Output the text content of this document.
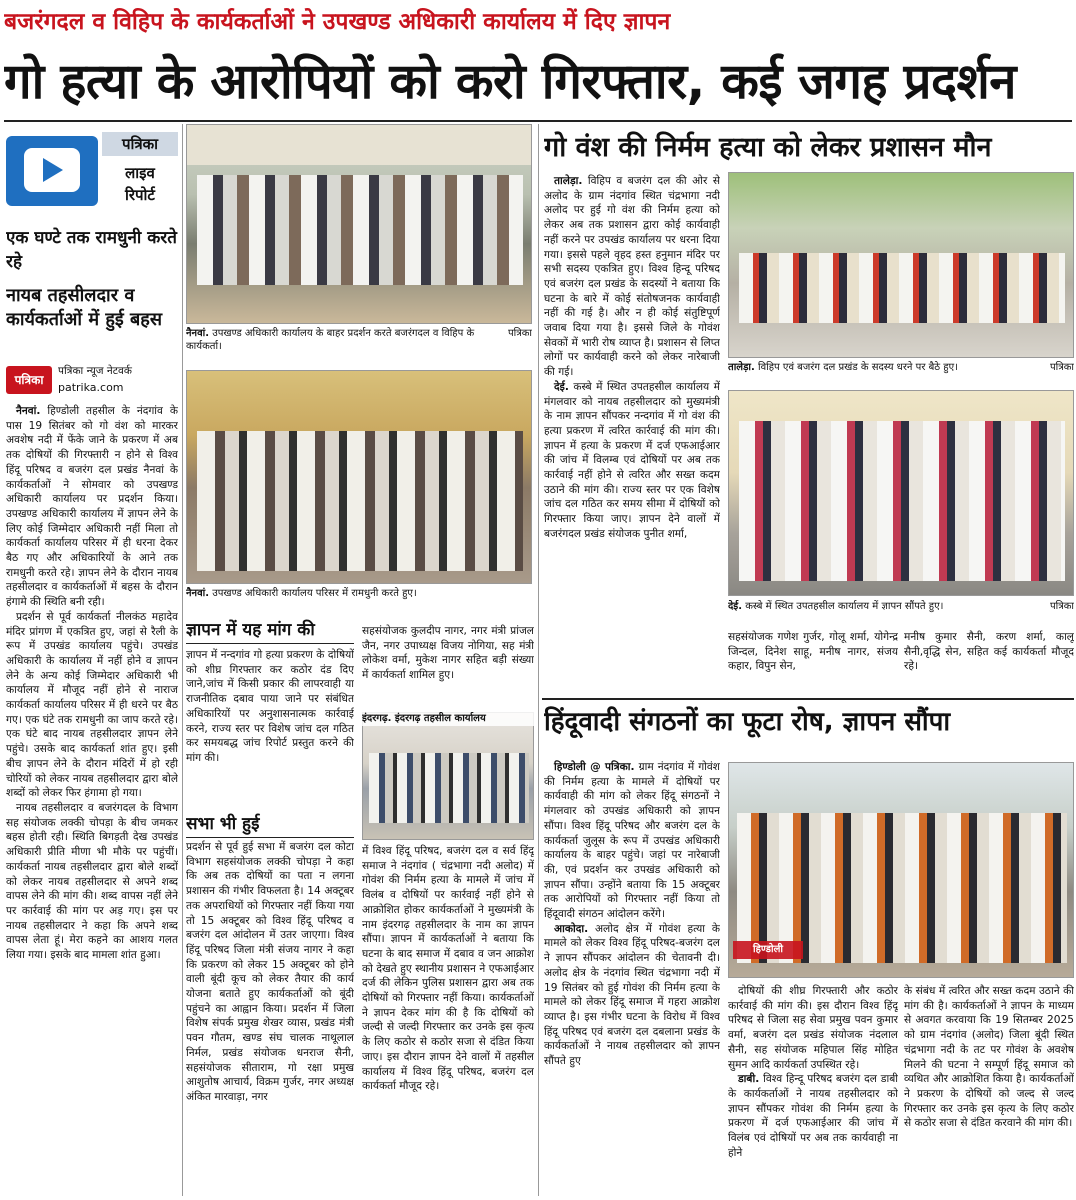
बजरंगदल व विहिप के कार्यकर्ताओं ने उपखण्ड अधिकारी कार्यालय में दिए ज्ञापन
गो हत्या के आरोपियों को करो गिरफ्तार, कई जगह प्रदर्शन
पत्रिका
लाइव
रिपोर्ट
एक घण्टे तक रामधुनी करते रहे
नायब तहसीलदार व कार्यकर्ताओं में हुई बहस
पत्रिका
पत्रिका न्यूज नेटवर्क
patrika.com

नैनवां. हिण्डोली तहसील के नंदगांव के पास 19 सितंबर को गो वंश को मारकर अवशेष नदी में फेंके जाने के प्रकरण में अब तक दोषियों की गिरफ्तारी न होने से विश्व हिंदू परिषद व बजरंग दल प्रखंड नैनवां के कार्यकर्ताओं ने सोमवार को उपखण्ड अधिकारी कार्यालय पर प्रदर्शन किया। उपखण्ड अधिकारी कार्यालय में ज्ञापन लेने के लिए कोई जिम्मेदार अधिकारी नहीं मिला तो कार्यकर्ता कार्यालय परिसर में ही धरना देकर बैठ गए और अधिकारियों के आने तक रामधुनी करते रहे। ज्ञापन लेने के दौरान नायब तहसीलदार व कार्यकर्ताओं में बहस के दौरान हंगामे की स्थिति बनी रही।

प्रदर्शन से पूर्व कार्यकर्ता नीलकंठ महादेव मंदिर प्रांगण में एकत्रित हुए, जहां से रैली के रूप में उपखंड कार्यालय पहुंचे। उपखंड अधिकारी के कार्यालय में नहीं होने व ज्ञापन लेने के अन्य कोई जिम्मेदार अधिकारी भी कार्यालय में मौजूद नहीं होने से नाराज कार्यकर्ता कार्यालय परिसर में ही धरने पर बैठ गए। एक घंटे तक रामधुनी का जाप करते रहे। एक घंटे बाद नायब तहसीलदार ज्ञापन लेने पहुंचे। उसके बाद कार्यकर्ता शांत हुए। इसी बीच ज्ञापन लेने के दौरान मंदिरों में हो रही चोरियों को लेकर नायब तहसीलदार द्वारा बोले शब्दों को लेकर फिर हंगामा हो गया।

नायब तहसीलदार व बजरंगदल के विभाग सह संयोजक लक्की चोपड़ा के बीच जमकर बहस होती रही। स्थिति बिगड़ती देख उपखंड अधिकारी प्रीति मीणा भी मौके पर पहुंचीं। कार्यकर्ता नायब तहसीलदार द्वारा बोले शब्दों को लेकर नायब तहसीलदार से अपने शब्द वापस लेने की मांग की। शब्द वापस नहीं लेने पर कार्रवाई की मांग पर अड़ गए। इस पर नायब तहसीलदार ने कहा कि अपने शब्द वापस लेता हूं। मेरा कहने का आशय गलत लिया गया। इसके बाद मामला शांत हुआ।

पत्रिका
नैनवां. उपखण्ड अधिकारी कार्यालय के बाहर प्रदर्शन करते बजरंगदल व विहिप के कार्यकर्ता।
नैनवां. उपखण्ड अधिकारी कार्यालय परिसर में रामधुनी करते हुए।
ज्ञापन में यह मांग की
ज्ञापन में नन्दगांव गो हत्या प्रकरण के दोषियों को शीघ्र गिरफ्तार कर कठोर दंड दिए जाने,जांच में किसी प्रकार की लापरवाही या राजनीतिक दबाव पाया जाने पर संबंधित अधिकारियों पर अनुशासनात्मक कार्रवाई करने, राज्य स्तर पर विशेष जांच दल गठित कर समयबद्ध जांच रिपोर्ट प्रस्तुत करने की मांग की।
सभा भी हुई
प्रदर्शन से पूर्व हुई सभा में बजरंग दल कोटा विभाग सहसंयोजक लक्की चोपड़ा ने कहा कि अब तक दोषियों का पता न लगना प्रशासन की गंभीर विफलता है। 14 अक्टूबर तक अपराधियों को गिरफ्तार नहीं किया गया तो 15 अक्टूबर को विश्व हिंदू परिषद व बजरंग दल आंदोलन में उतर जाएगा। विश्व हिंदू परिषद जिला मंत्री संजय नागर ने कहा कि प्रकरण को लेकर 15 अक्टूबर को होने वाली बूंदी कूच को लेकर तैयार की कार्य योजना बताते हुए कार्यकर्ताओं को बूंदी पहुंचने का आह्वान किया। प्रदर्शन में जिला विशेष संपर्क प्रमुख शेखर व्यास, प्रखंड मंत्री पवन गौतम, खण्ड संघ चालक नाथूलाल निर्मल, प्रखंड संयोजक धनराज सैनी, सहसंयोजक सीताराम, गो रक्षा प्रमुख आशुतोष आचार्य, विक्रम गुर्जर, नगर अध्यक्ष अंकित मारवाड़ा, नगर
सहसंयोजक कुलदीप नागर, नगर मंत्री प्रांजल जैन, नगर उपाध्यक्ष विजय नोगिया, सह मंत्री लोकेश वर्मा, मुकेश नागर सहित बड़ी संख्या में कार्यकर्ता शामिल हुए।
इंदरगढ़. इंदरगढ़ तहसील कार्यालय
में विश्व हिंदू परिषद, बजरंग दल व सर्व हिंदू समाज ने नंदगांव ( चंद्रभागा नदी अलोद) में गोवंश की निर्मम हत्या के मामले में जांच में विलंब व दोषियों पर कार्रवाई नहीं होने से आक्रोशित होकर कार्यकर्ताओं ने मुख्यमंत्री के नाम इंदरगढ़ तहसीलदार के नाम का ज्ञापन सौंपा। ज्ञापन में कार्यकर्ताओं ने बताया कि घटना के बाद समाज में दबाव व जन आक्रोश को देखते हुए स्थानीय प्रशासन ने एफआईआर दर्ज की लेकिन पुलिस प्रशासन द्वारा अब तक दोषियों को गिरफ्तार नहीं किया। कार्यकर्ताओं ने ज्ञापन देकर मांग की है कि दोषियों को जल्दी से जल्दी गिरफ्तार कर उनके इस कृत्य के लिए कठोर से कठोर सजा से दंडित किया जाए। इस दौरान ज्ञापन देने वालों में तहसील कार्यालय में विश्व हिंदू परिषद, बजरंग दल कार्यकर्ता मौजूद रहे।
गो वंश की निर्मम हत्या को लेकर प्रशासन मौन

तालेड़ा. विहिप व बजरंग दल की ओर से अलोद के ग्राम नंदगांव स्थित चंद्रभागा नदी अलोद पर हुई गो वंश की निर्मम हत्या को लेकर अब तक प्रशासन द्वारा कोई कार्यवाही नहीं करने पर उपखंड कार्यालय पर धरना दिया गया। इससे पहले वृहद हस्त हनुमान मंदिर पर सभी सदस्य एकत्रित हुए। विश्व हिन्दू परिषद एवं बजरंग दल प्रखंड के सदस्यों ने बताया कि घटना के बारे में कोई संतोषजनक कार्यवाही नहीं की गई है। और न ही कोई संतुष्टिपूर्ण जवाब दिया गया है। इससे जिले के गोवंश सेवकों में भारी रोष व्याप्त है। प्रशासन से लिप्त लोगों पर कार्यवाही करने को लेकर नारेबाजी की गई।

देई. कस्बे में स्थित उपतहसील कार्यालय में मंगलवार को नायब तहसीलदार को मुख्यमंत्री के नाम ज्ञापन सौंपकर नन्दगांव में गो वंश की हत्या प्रकरण में त्वरित कार्रवाई की मांग की। ज्ञापन में हत्या के प्रकरण में दर्ज एफआईआर की जांच में विलम्ब एवं दोषियों पर अब तक कार्रवाई नहीं होने से त्वरित और सख्त कदम उठाने की मांग की। राज्य स्तर पर एक विशेष जांच दल गठित कर समय सीमा में दोषियों को गिरफ्तार किया जाए। ज्ञापन देने वालों में बजरंगदल प्रखंड संयोजक पुनीत शर्मा,

पत्रिका
तालेड़ा. विहिप एवं बजरंग दल प्रखंड के सदस्य धरने पर बैठे हुए।
पत्रिका
देई. कस्बे में स्थित उपतहसील कार्यालय में ज्ञापन सौंपते हुए।
सहसंयोजक गणेश गुर्जर, गोलू शर्मा, योगेन्द्र जिन्दल, दिनेश साहू, मनीष नागर, संजय कहार, विपुन सेन,
मनीष कुमार सैनी, करण शर्मा, कालू सैनी,वृद्धि सेन, सहित कई कार्यकर्ता मौजूद रहे।
हिंदूवादी संगठनों का फूटा रोष, ज्ञापन सौंपा

हिण्डोली @ पत्रिका. ग्राम नंदगांव में गोवंश की निर्मम हत्या के मामले में दोषियों पर कार्यवाही की मांग को लेकर हिंदू संगठनों ने मंगलवार को उपखंड अधिकारी को ज्ञापन सौंपा। विश्व हिंदू परिषद और बजरंग दल के कार्यकर्ता जुलूस के रूप में उपखंड अधिकारी कार्यालय के बाहर पहुंचे। जहां पर नारेबाजी की, एवं प्रदर्शन कर उपखंड अधिकारी को ज्ञापन सौंपा। उन्होंने बताया कि 15 अक्टूबर तक आरोपियों को गिरफ्तार नहीं किया तो हिंदूवादी संगठन आंदोलन करेंगे।

आकोदा. अलोद क्षेत्र में गोवंश हत्या के मामले को लेकर विश्व हिंदू परिषद-बजरंग दल ने ज्ञापन सौंपकर आंदोलन की चेतावनी दी। अलोद क्षेत्र के नंदगांव स्थित चंद्रभागा नदी में 19 सितंबर को हुई गोवंश की निर्मम हत्या के मामले को लेकर हिंदू समाज में गहरा आक्रोश व्याप्त है। इस गंभीर घटना के विरोध में विश्व हिंदू परिषद एवं बजरंग दल दबलाना प्रखंड के कार्यकर्ताओं ने नायब तहसीलदार को ज्ञापन सौंपते हुए

हिण्डोली

दोषियों की शीघ्र गिरफ्तारी और कठोर कार्रवाई की मांग की। इस दौरान विश्व हिंदू परिषद से जिला सह सेवा प्रमुख पवन कुमार वर्मा, बजरंग दल प्रखंड संयोजक नंदलाल सैनी, सह संयोजक महिपाल सिंह मोहित सुमन आदि कार्यकर्ता उपस्थित रहे।

डाबी. विश्व हिन्दू परिषद बजरंग दल डाबी के कार्यकर्ताओं ने नायब तहसीलदार को ज्ञापन सौंपकर गोवंश की निर्मम हत्या के प्रकरण में दर्ज एफआईआर की जांच में विलंब एवं दोषियों पर अब तक कार्यवाही ना होने

के संबंध में त्वरित और सख्त कदम उठाने की मांग की है। कार्यकर्ताओं ने ज्ञापन के माध्यम से अवगत करवाया कि 19 सितम्बर 2025 को ग्राम नंदगांव (अलोद) जिला बूंदी स्थित चंद्रभागा नदी के तट पर गोवंश के अवशेष मिलने की घटना ने सम्पूर्ण हिंदू समाज को व्यथित और आक्रोशित किया है। कार्यकर्ताओं ने प्रकरण के दोषियों को जल्द से जल्द गिरफ्तार कर उनके इस कृत्य के लिए कठोर से कठोर सजा से दंडित करवाने की मांग की।
